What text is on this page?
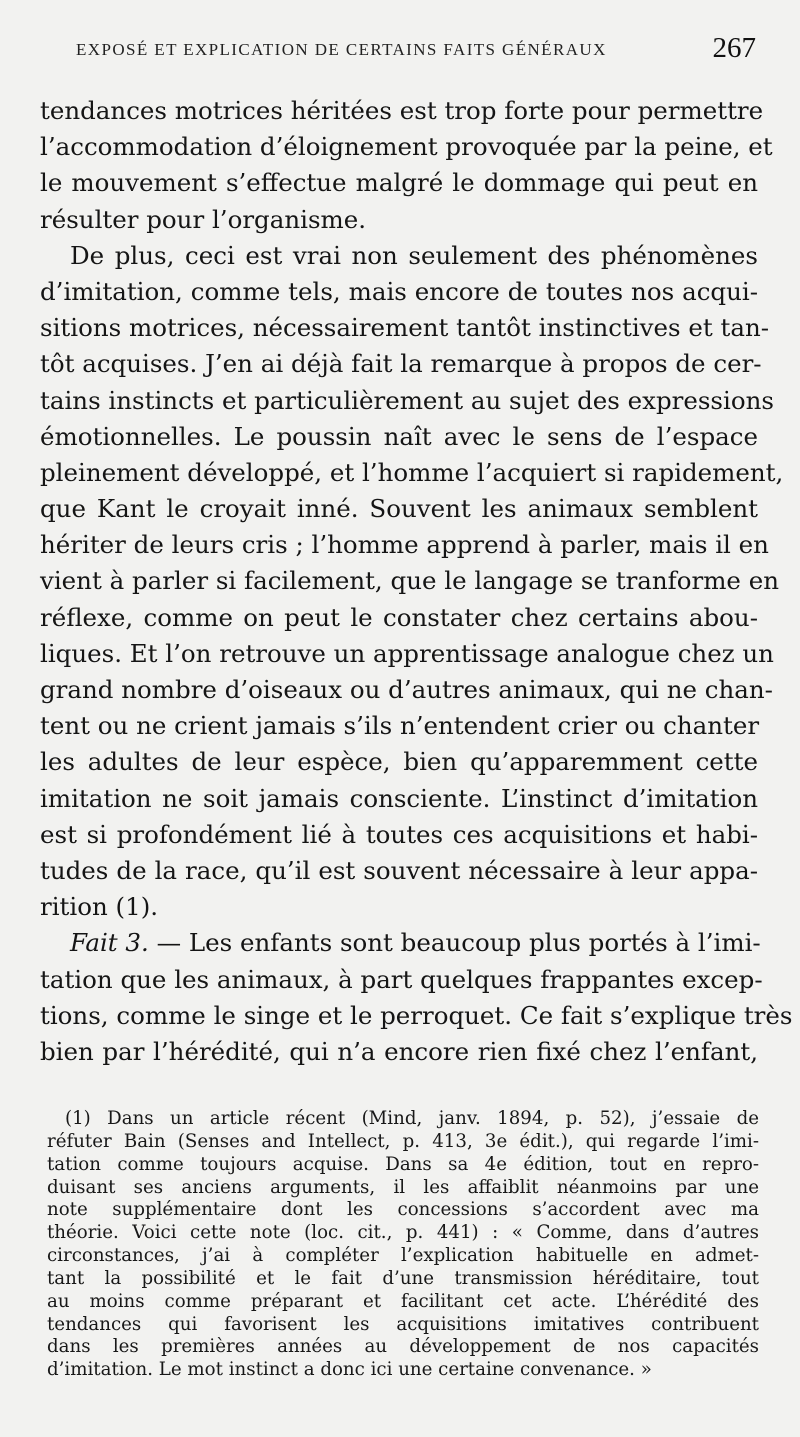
EXPOSÉ ET EXPLICATION DE CERTAINS FAITS GÉNÉRAUX	267
tendances motrices héritées est trop forte pour permettre
l’accommodation d’éloignement provoquée par la peine, et
le mouvement s’effectue malgré le dommage qui peut en
résulter pour l’organisme.
De plus, ceci est vrai non seulement des phénomènes
d’imitation, comme tels, mais encore de toutes nos acqui-
sitions motrices, nécessairement tantôt instinctives et tan-
tôt acquises. J’en ai déjà fait la remarque à propos de cer-
tains instincts et particulièrement au sujet des expressions
émotionnelles. Le poussin naît avec le sens de l’espace
pleinement développé, et l’homme l’acquiert si rapidement,
que Kant le croyait inné. Souvent les animaux semblent
hériter de leurs cris ; l’homme apprend à parler, mais il en
vient à parler si facilement, que le langage se tranforme en
réflexe, comme on peut le constater chez certains abou-
liques. Et l’on retrouve un apprentissage analogue chez un
grand nombre d’oiseaux ou d’autres animaux, qui ne chan-
tent ou ne crient jamais s’ils n’entendent crier ou chanter
les adultes de leur espèce, bien qu’apparemment cette
imitation ne soit jamais consciente. L’instinct d’imitation
est si profondément lié à toutes ces acquisitions et habi-
tudes de la race, qu’il est souvent nécessaire à leur appa-
rition (1).
Fait 3. — Les enfants sont beaucoup plus portés à l’imi-
tation que les animaux, à part quelques frappantes excep-
tions, comme le singe et le perroquet. Ce fait s’explique très
bien par l’hérédité, qui n’a encore rien fixé chez l’enfant,
(1) Dans un article récent (Mind, janv. 1894, p. 52), j’essaie de
réfuter Bain (Senses and Intellect, p. 413, 3e édit.), qui regarde l’imi-
tation comme toujours acquise. Dans sa 4e édition, tout en repro-
duisant ses anciens arguments, il les affaiblit néanmoins par une
note supplémentaire dont les concessions s’accordent avec ma
théorie. Voici cette note (loc. cit., p. 441) : « Comme, dans d’autres
circonstances, j’ai à compléter l’explication habituelle en admet-
tant la possibilité et le fait d’une transmission héréditaire, tout
au moins comme préparant et facilitant cet acte. L’hérédité des
tendances qui favorisent les acquisitions imitatives contribuent
dans les premières années au développement de nos capacités
d’imitation. Le mot instinct a donc ici une certaine convenance. »
